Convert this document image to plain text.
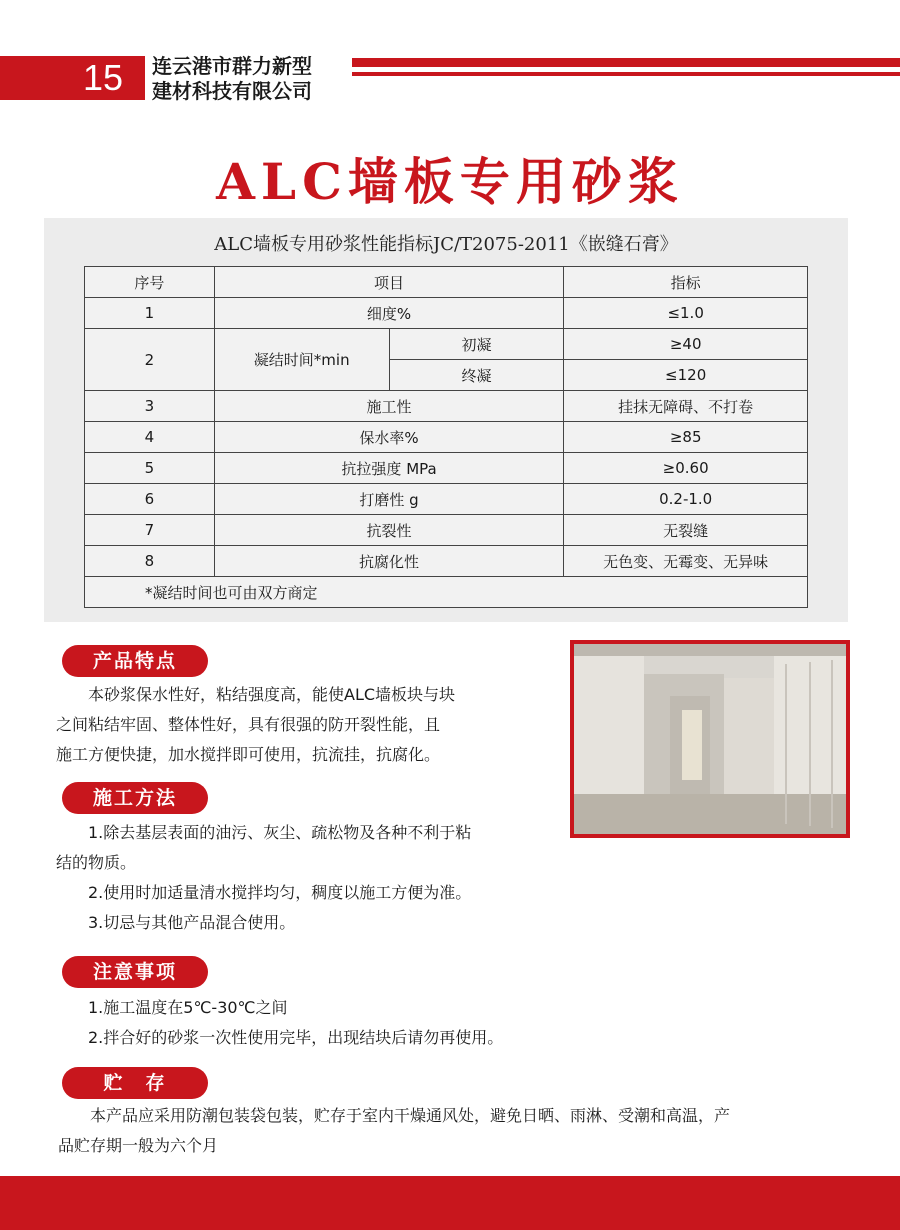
15	连云港市群力新型
建材科技有限公司
ALC墙板专用砂浆
ALC墙板专用砂浆性能指标JC/T2075-2011《嵌缝石膏》
序号	项目		指标
1	细度%		≤1.0
2	凝结时间*min	初凝	≥40
		终凝	≤120
3	施工性		挂抹无障碍、不打卷
4	保水率%		≥85
5	抗拉强度 MPa		≥0.60
6	打磨性 g		0.2-1.0
7	抗裂性		无裂缝
8	抗腐化性		无色变、无霉变、无异味
*凝结时间也可由双方商定			
产品特点
本砂浆保水性好，粘结强度高，能使ALC墙板块与块
之间粘结牢固、整体性好，具有很强的防开裂性能，且
施工方便快捷，加水搅拌即可使用，抗流挂，抗腐化。
施工方法
1.除去基层表面的油污、灰尘、疏松物及各种不利于粘
结的物质。
2.使用时加适量清水搅拌均匀，稠度以施工方便为准。
3.切忌与其他产品混合使用。
注意事项
1.施工温度在5℃-30℃之间
2.拌合好的砂浆一次性使用完毕，出现结块后请勿再使用。
贮　存
本产品应采用防潮包装袋包装，贮存于室内干燥通风处，避免日晒、雨淋、受潮和高温，产
品贮存期一般为六个月
